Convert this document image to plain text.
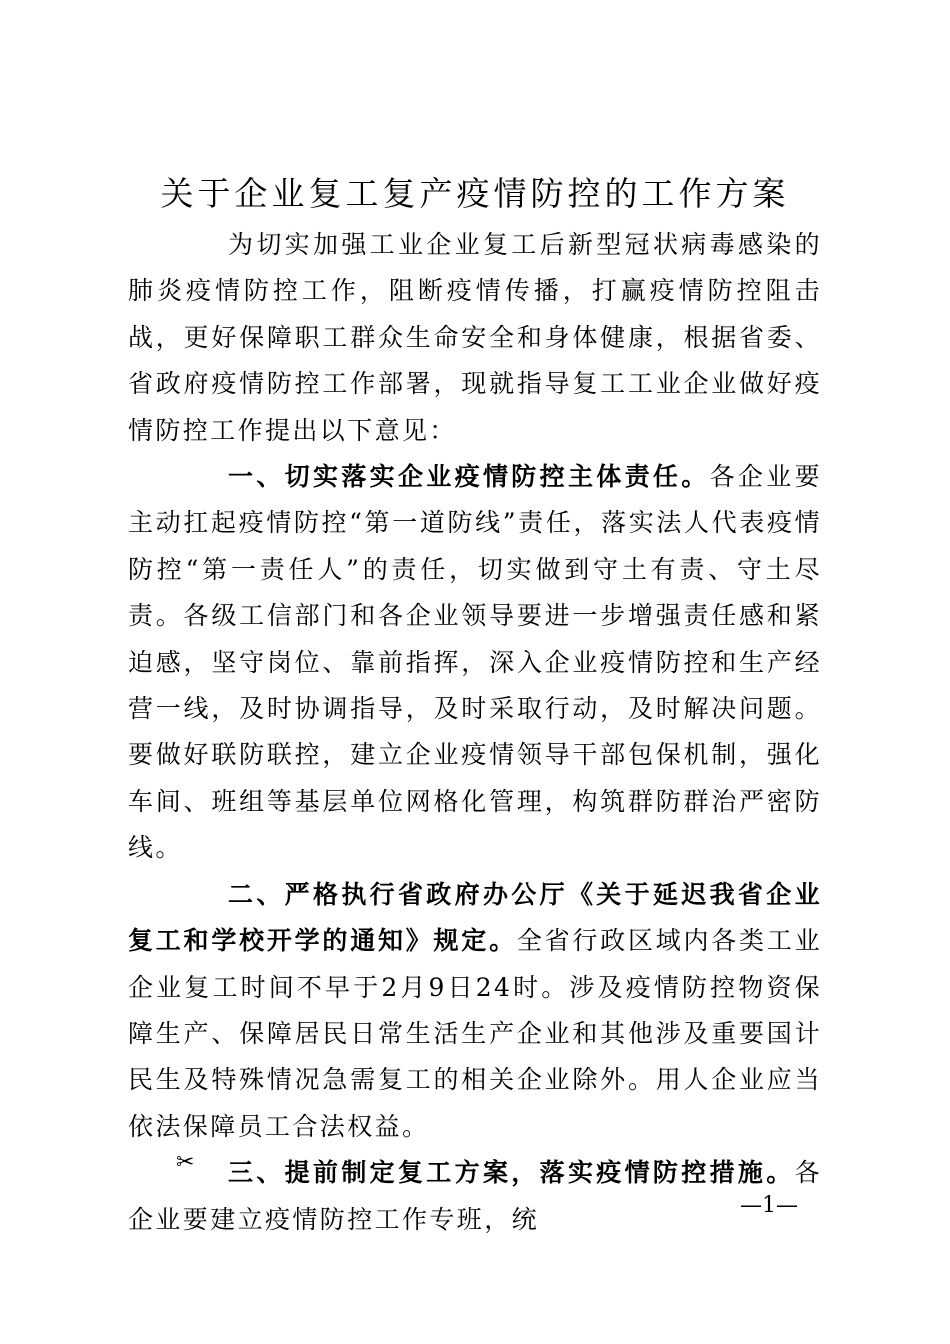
关于企业复工复产疫情防控的工作方案

为切实加强工业企业复工后新型冠状病毒感染的肺炎疫情防控工作，阻断疫情传播，打赢疫情防控阻击战，更好保障职工群众生命安全和身体健康，根据省委、省政府疫情防控工作部署，现就指导复工工业企业做好疫情防控工作提出以下意见：

一、切实落实企业疫情防控主体责任。各企业要主动扛起疫情防控“第一道防线”责任，落实法人代表疫情防控“第一责任人”的责任，切实做到守土有责、守土尽责。各级工信部门和各企业领导要进一步增强责任感和紧迫感，坚守岗位、靠前指挥，深入企业疫情防控和生产经营一线，及时协调指导，及时采取行动，及时解决问题。要做好联防联控，建立企业疫情领导干部包保机制，强化车间、班组等基层单位网格化管理，构筑群防群治严密防线。

二、严格执行省政府办公厅《关于延迟我省企业复工和学校开学的通知》规定。全省行政区域内各类工业企业复工时间不早于2月9日24时。涉及疫情防控物资保障生产、保障居民日常生活生产企业和其他涉及重要国计民生及特殊情况急需复工的相关企业除外。用人企业应当依法保障员工合法权益。

三、提前制定复工方案，落实疫情防控措施。各企业要建立疫情防控工作专班，统

✂
—1—
